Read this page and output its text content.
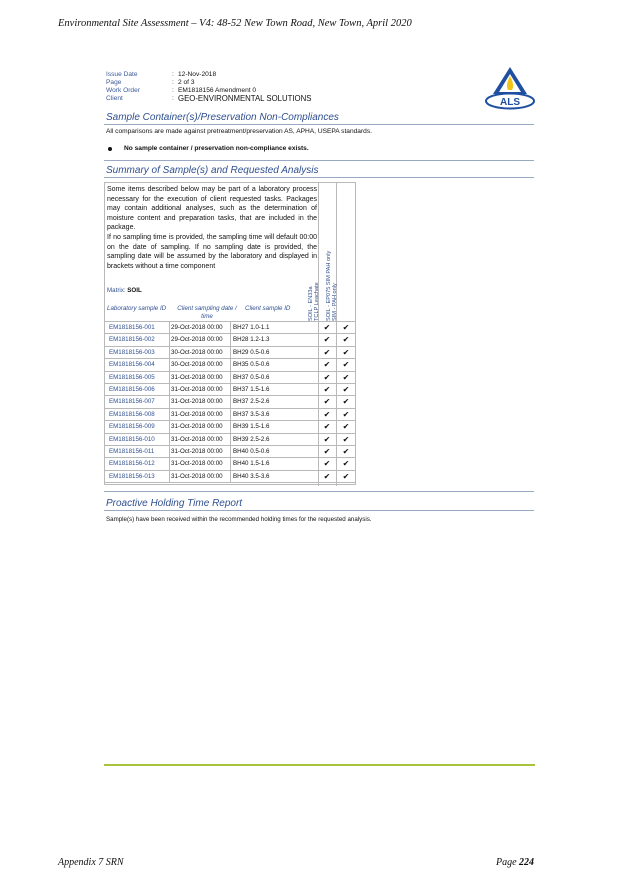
Environmental Site Assessment – V4: 48-52 New Town Road, New Town, April 2020
Issue Date	: 12-Nov-2018
Page	: 2 of 3
Work Order	: EM1818156 Amendment 0
Client	: GEO-ENVIRONMENTAL SOLUTIONS	ALS
Sample Container(s)/Preservation Non-Compliances
All comparisons are made against pretreatment/preservation AS, APHA, USEPA standards.
No sample container / preservation non-compliance exists.
Summary of Sample(s) and Requested Analysis
Some items described below may be part of a laboratory process necessary for the execution of client requested tasks. Packages may contain additional analyses, such as the determination of moisture content and preparation tasks, that are included in the package.
If no sampling time is provided, the sampling time will default 00:00 on the date of sampling. If no sampling date is provided, the sampling date will be assumed by the laboratory and displayed in brackets without a time component
SOIL - EN33a TCLP Leachate SOIL - EP075 SIM PAH only SIM - PAH only
Matrix: SOIL
Laboratory sample ID Client sampling date / time
Client sample ID
EM1818156-001	29-Oct-2018 00:00 BH27 1.0-1.1	✔	✔
EM1818156-002	29-Oct-2018 00:00 BH28 1.2-1.3	✔	✔
EM1818156-003	30-Oct-2018 00:00 BH29 0.5-0.6	✔	✔
EM1818156-004	30-Oct-2018 00:00 BH35 0.5-0.6	✔	✔
EM1818156-005	31-Oct-2018 00:00 BH37 0.5-0.6	✔	✔
EM1818156-006	31-Oct-2018 00:00 BH37 1.5-1.6	✔	✔
EM1818156-007	31-Oct-2018 00:00 BH37 2.5-2.6	✔	✔
EM1818156-008	31-Oct-2018 00:00 BH37 3.5-3.6	✔	✔
EM1818156-009	31-Oct-2018 00:00 BH39 1.5-1.6	✔	✔
EM1818156-010	31-Oct-2018 00:00 BH39 2.5-2.6	✔	✔
EM1818156-011	31-Oct-2018 00:00 BH40 0.5-0.6	✔	✔
EM1818156-012	31-Oct-2018 00:00 BH40 1.5-1.6	✔	✔
EM1818156-013	31-Oct-2018 00:00 BH40 3.5-3.6	✔	✔
Proactive Holding Time Report
Sample(s) have been received within the recommended holding times for the requested analysis.
Appendix 7 SRN	Page 224
